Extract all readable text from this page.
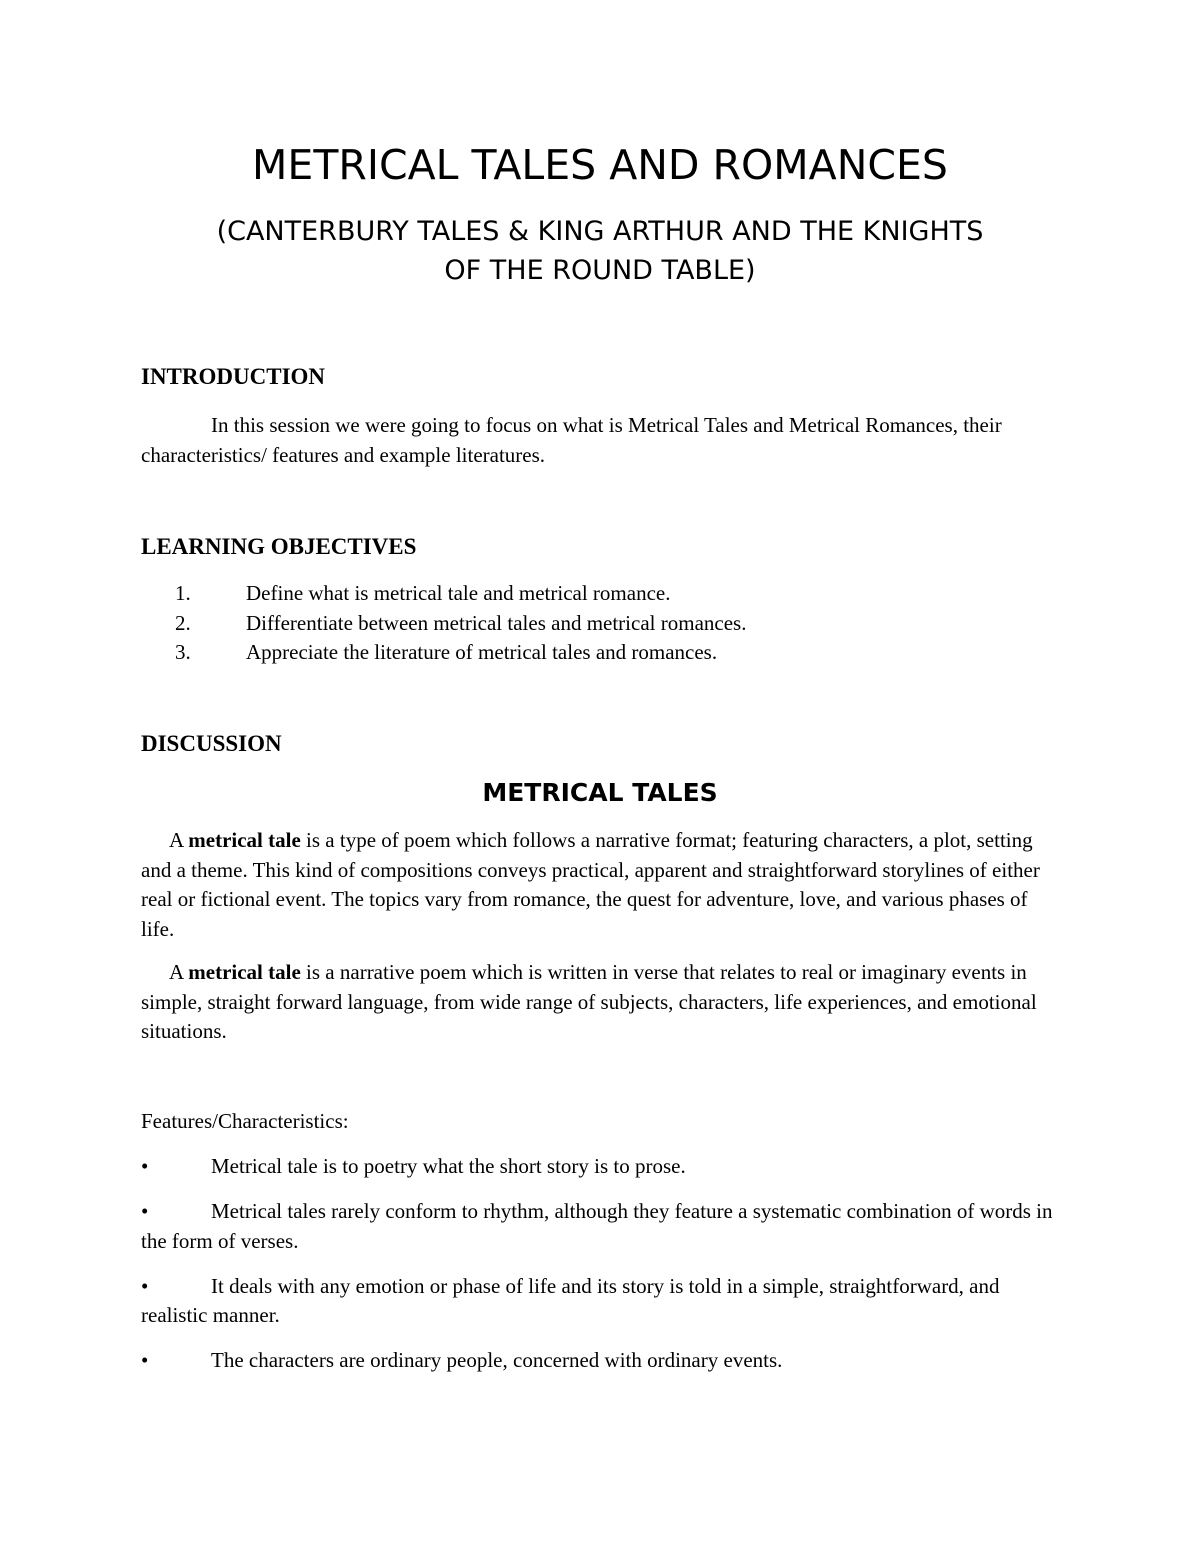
METRICAL TALES AND ROMANCES
(CANTERBURY TALES & KING ARTHUR AND THE KNIGHTS
OF THE ROUND TABLE)
INTRODUCTION

In this session we were going to focus on what is Metrical Tales and Metrical Romances, their characteristics/ features and example literatures.

LEARNING OBJECTIVES
1.	Define what is metrical tale and metrical romance.
2.	Differentiate between metrical tales and metrical romances.
3.	Appreciate the literature of metrical tales and romances.
DISCUSSION
METRICAL TALES

A metrical tale is a type of poem which follows a narrative format; featuring characters, a plot, setting and a theme. This kind of compositions conveys practical, apparent and straightforward storylines of either real or fictional event. The topics vary from romance, the quest for adventure, love, and various phases of life.

A metrical tale is a narrative poem which is written in verse that relates to real or imaginary events in simple, straight forward language, from wide range of subjects, characters, life experiences, and emotional situations.

Features/Characteristics:

•	Metrical tale is to poetry what the short story is to prose.
•	Metrical tales rarely conform to rhythm, although they feature a systematic combination of words in the form of verses.
•	It deals with any emotion or phase of life and its story is told in a simple, straightforward, and realistic manner.
•	The characters are ordinary people, concerned with ordinary events.
